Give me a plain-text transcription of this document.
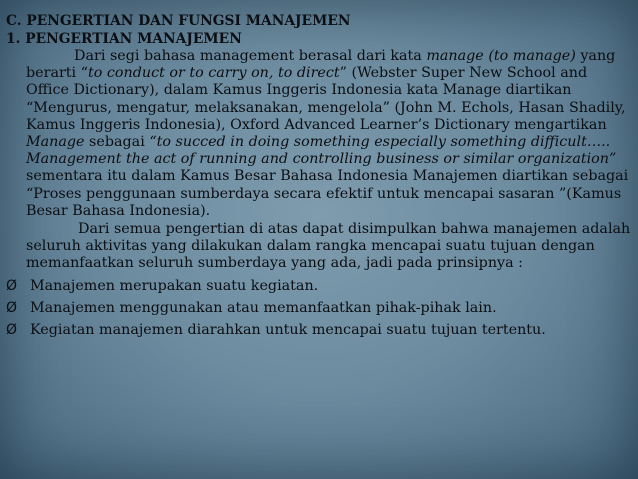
C. PENGERTIAN DAN FUNGSI MANAJEMEN

1. PENGERTIAN MANAJEMEN

Dari segi bahasa management berasal dari kata manage (to manage) yang berarti “to conduct or to carry on, to direct” (Webster Super New School and Office Dictionary), dalam Kamus Inggeris Indonesia kata Manage diartikan “Mengurus, mengatur, melaksanakan, mengelola” (John M. Echols, Hasan Shadily, Kamus Inggeris Indonesia), Oxford Advanced Learner’s Dictionary mengartikan Manage sebagai “to succed in doing something especially something difficult….. Management the act of running and controlling business or similar organization” sementara itu dalam Kamus Besar Bahasa Indonesia Manajemen diartikan sebagai “Proses penggunaan sumberdaya secara efektif untuk mencapai sasaran ”(Kamus Besar Bahasa Indonesia).

Dari semua pengertian di atas dapat disimpulkan bahwa manajemen adalah seluruh aktivitas yang dilakukan dalam rangka mencapai suatu tujuan dengan memanfaatkan seluruh sumberdaya yang ada, jadi pada prinsipnya :

Ø Manajemen merupakan suatu kegiatan.
Ø Manajemen menggunakan atau memanfaatkan pihak-pihak lain.
Ø Kegiatan manajemen diarahkan untuk mencapai suatu tujuan tertentu.
